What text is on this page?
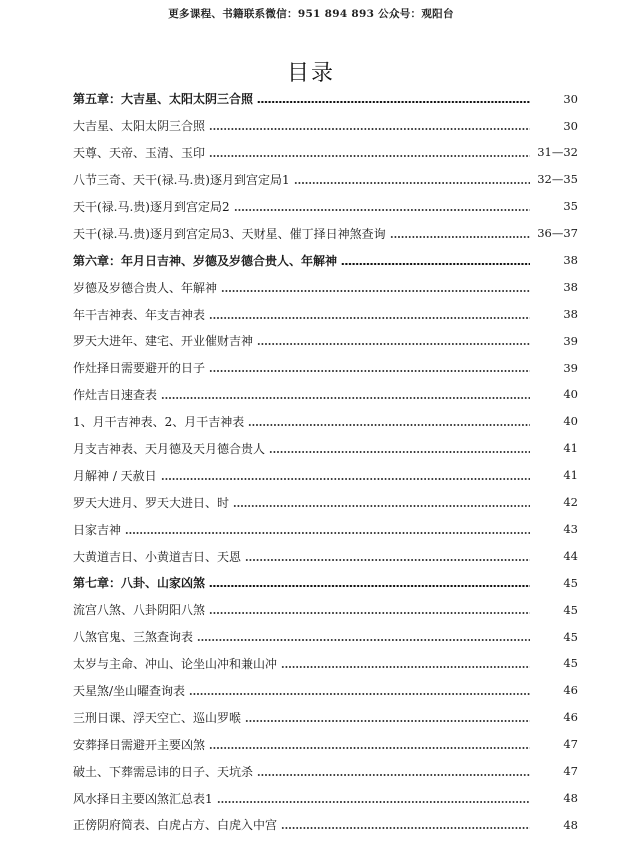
更多课程、书籍联系微信：951 894 893 公众号：观阳台
目录
第五章：大吉星、太阳太阴三合照	30
大吉星、太阳太阴三合照	30
天尊、天帝、玉清、玉印	31—32
八节三奇、天干(禄.马.贵)逐月到宫定局1	32—35
天干(禄.马.贵)逐月到宫定局2	35
天干(禄.马.贵)逐月到宫定局3、天财星、催丁择日神煞查询	36—37
第六章：年月日吉神、岁德及岁德合贵人、年解神	38
岁德及岁德合贵人、年解神	38
年干吉神表、年支吉神表	38
罗天大进年、建宅、开业催财吉神	39
作灶择日需要避开的日子	39
作灶吉日速查表	40
1、月干吉神表、2、月干吉神表	40
月支吉神表、天月德及天月德合贵人	41
月解神 / 天赦日	41
罗天大进月、罗天大进日、时	42
日家吉神	43
大黄道吉日、小黄道吉日、天恩	44
第七章：八卦、山家凶煞	45
流宫八煞、八卦阴阳八煞	45
八煞官鬼、三煞查询表	45
太岁与主命、冲山、论坐山冲和兼山冲	45
天星煞/坐山曜查询表	46
三刑日课、浮天空亡、巡山罗喉	46
安葬择日需避开主要凶煞	47
破土、下葬需忌讳的日子、天坑杀	47
风水择日主要凶煞汇总表1	48
正傍阴府简表、白虎占方、白虎入中宫	48
